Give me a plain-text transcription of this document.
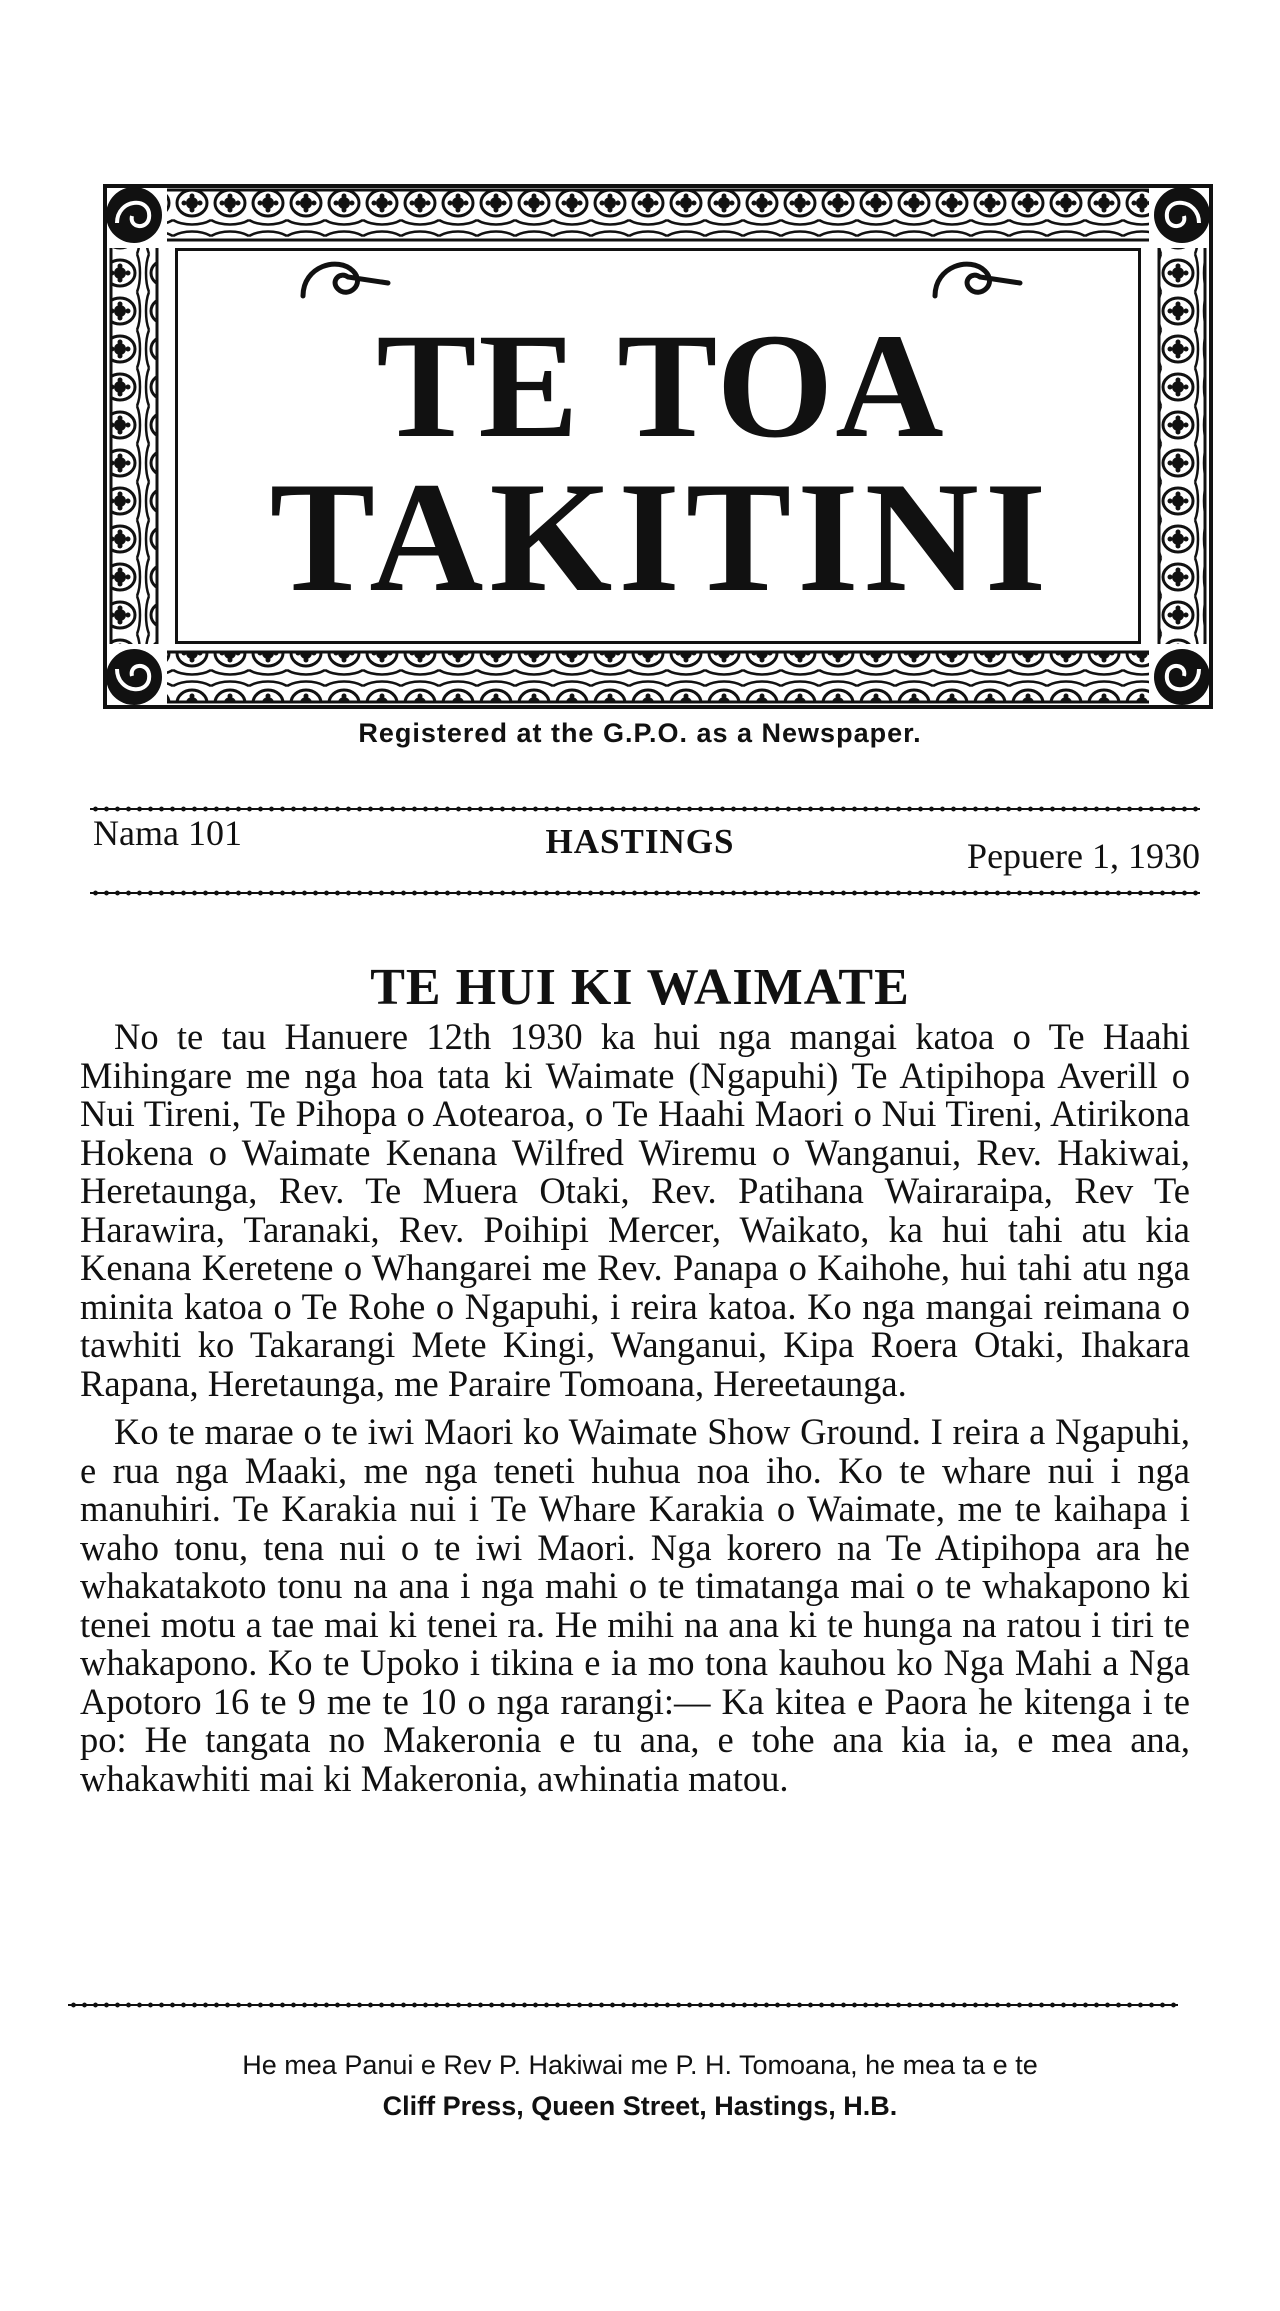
TE TOA
TAKITINI
Registered at the G.P.O. as a Newspaper.
Nama 101	HASTINGS	Pepuere 1, 1930
TE HUI KI WAIMATE

No te tau Hanuere 12th 1930 ka hui nga mangai katoa o Te Haahi Mihingare me nga hoa tata ki Waimate (Ngapuhi) Te Atipihopa Averill o Nui Tireni, Te Pihopa o Aotearoa, o Te Haahi Maori o Nui Tireni, Atirikona Hokena o Waimate Kenana Wilfred Wiremu o Wanganui, Rev. Hakiwai, Heretaunga, Rev. Te Muera Otaki, Rev. Patihana Wairaraipa, Rev Te Harawira, Taranaki, Rev. Poihipi Mercer, Waikato, ka hui tahi atu kia Kenana Keretene o Whangarei me Rev. Panapa o Kaihohe, hui tahi atu nga minita katoa o Te Rohe o Ngapuhi, i reira katoa. Ko nga mangai reimana o tawhiti ko Takarangi Mete Kingi, Wanganui, Kipa Roera Otaki, Ihakara Rapana, Heretaunga, me Paraire Tomoana, Hereetaunga.

Ko te marae o te iwi Maori ko Waimate Show Ground. I reira a Ngapuhi, e rua nga Maaki, me nga teneti huhua noa iho. Ko te whare nui i nga manuhiri. Te Karakia nui i Te Whare Karakia o Waimate, me te kaihapa i waho tonu, tena nui o te iwi Maori. Nga korero na Te Atipihopa ara he whakatakoto tonu na ana i nga mahi o te timatanga mai o te whakapono ki tenei motu a tae mai ki tenei ra. He mihi na ana ki te hunga na ratou i tiri te whakapono. Ko te Upoko i tikina e ia mo tona kauhou ko Nga Mahi a Nga Apotoro 16 te 9 me te 10 o nga rarangi:— Ka kitea e Paora he kitenga i te po: He tangata no Makeronia e tu ana, e tohe ana kia ia, e mea ana, whakawhiti mai ki Makeronia, awhinatia matou.

He mea Panui e Rev P. Hakiwai me P. H. Tomoana, he mea ta e te
Cliff Press, Queen Street, Hastings, H.B.
